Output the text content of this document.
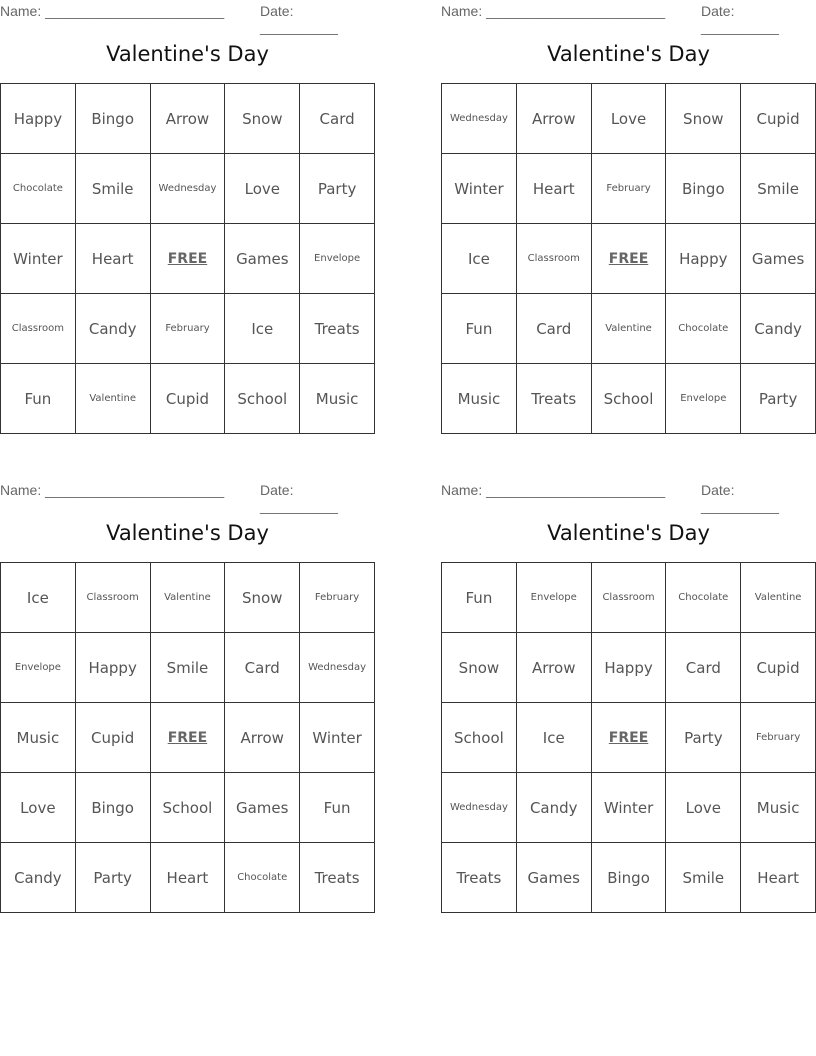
Name: _______________________	Date: __________
Valentine's Day
Happy	Bingo	Arrow	Snow	Card
Chocolate	Smile	Wednesday	Love	Party
Winter	Heart	FREE	Games	Envelope
Classroom	Candy	February	Ice	Treats
Fun	Valentine	Cupid	School	Music
Name: _______________________	Date: __________
Valentine's Day
Wednesday	Arrow	Love	Snow	Cupid
Winter	Heart	February	Bingo	Smile
Ice	Classroom	FREE	Happy	Games
Fun	Card	Valentine	Chocolate	Candy
Music	Treats	School	Envelope	Party
Name: _______________________	Date: __________
Valentine's Day
Ice	Classroom	Valentine	Snow	February
Envelope	Happy	Smile	Card	Wednesday
Music	Cupid	FREE	Arrow	Winter
Love	Bingo	School	Games	Fun
Candy	Party	Heart	Chocolate	Treats
Name: _______________________	Date: __________
Valentine's Day
Fun	Envelope	Classroom	Chocolate	Valentine
Snow	Arrow	Happy	Card	Cupid
School	Ice	FREE	Party	February
Wednesday	Candy	Winter	Love	Music
Treats	Games	Bingo	Smile	Heart
